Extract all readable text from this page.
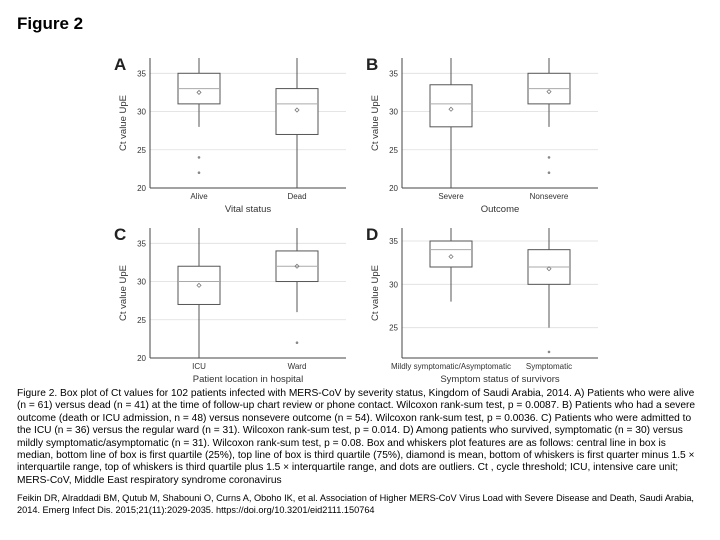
Figure 2
A
Ct value UpE
20
25
30
35
Alive	Dead
Vital status
B
Ct value UpE
20
25
30
35
Severe	Nonsevere
Outcome
C
Ct value UpE
20
25
30
35
ICU	Ward
Patient location in hospital
D
Ct value UpE
25
30
35
Mildly symptomatic/Asymptomatic Symptomatic
Symptom status of survivors
Figure 2. Box plot of Ct values for 102 patients infected with MERS-CoV by severity status, Kingdom of Saudi Arabia, 2014. A) Patients who were alive (n = 61) versus dead (n = 41) at the time of follow-up chart review or phone contact. Wilcoxon rank-sum test, p = 0.0087. B) Patients who had a severe outcome (death or ICU admission, n = 48) versus nonsevere outcome (n = 54). Wilcoxon rank-sum test, p = 0.0036. C) Patients who were admitted to the ICU (n = 36) versus the regular ward (n = 31). Wilcoxon rank-sum test, p = 0.014. D) Among patients who survived, symptomatic (n = 30) versus mildly symptomatic/asymptomatic (n = 31). Wilcoxon rank-sum test, p = 0.08. Box and whiskers plot features are as follows: central line in box is median, bottom line of box is first quartile (25%), top line of box is third quartile (75%), diamond is mean, bottom of whiskers is first quarter minus 1.5 × interquartile range, top of whiskers is third quartile plus 1.5 × interquartile range, and dots are outliers. Ct , cycle threshold; ICU, intensive care unit; MERS-CoV, Middle East respiratory syndrome coronavirus
Feikin DR, Alraddadi BM, Qutub M, Shabouni O, Curns A, Oboho IK, et al. Association of Higher MERS-CoV Virus Load with Severe Disease and Death, Saudi Arabia, 2014. Emerg Infect Dis. 2015;21(11):2029-2035. https://doi.org/10.3201/eid2111.150764
